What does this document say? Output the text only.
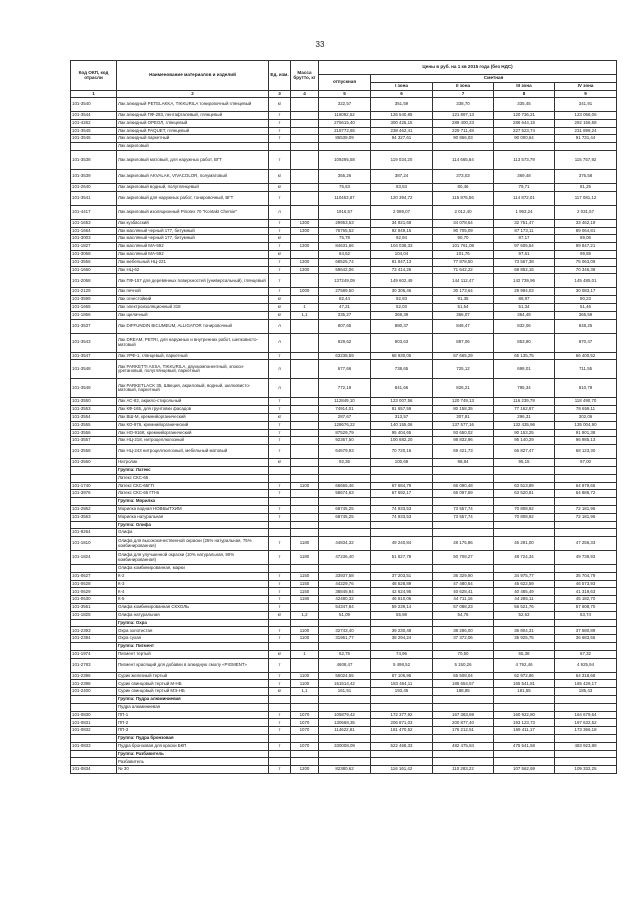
33
Код ОКП, код отрасли	Наименование материалов и изделий	Ед. изм.	Масса брутто, кг	Цены в руб. на 1 кв 2015 года (без НДС)				
				отпускная	Сметная			
					I зона	II зона	III зона	IV зона
1	2	3	4	5	6	7	8	9
101-3540	Лак алкидный PETELAKKA, TIKKURILA тонировочный глянцевый	кг		322,57	351,59	338,70	335,45	341,91
101-3544	Лак алкидный ПФ-283, пентафталевый, глянцевый	т		116092,52	126 540,85	121 897,13	120 736,21	123 058,06
101-4262	Лак алкидный ОРЕОЛ, глянцевый	т		275615,40	300 425,15	289 400,23	286 644,15	292 156,58
101-3545	Лак алкидный PAQUET, глянцевый	т		218772,65	238 462,41	229 711,48	227 523,74	231 899,24
101-3546	Лак алкидный паркетный	т		86539,09	94 327,61	90 866,03	90 000,64	91 731,44
	Лак акриловый							
101-3538	Лак акриловый матовый, для наружных работ, ВГТ	т		109295,58	119 034,20	114 665,84	113 573,79	115 757,92
101-3539	Лак акриловый AKVALAK, VIVACOLOR, полуматовый	кг		355,26	387,24	373,03	369,48	376,58
101-2640	Лак акриловый водный, полуглянцевый	кг		76,63	83,53	80,46	79,71	81,25
101-3541	Лак акриловый для наружных работ, тонировочный, ВГТ	т		110453,87	120 394,72	115 976,56	114 872,01	117 081,12
101-4417	Лак акриловый изоляционный Pinotex 70 "Kontakt Chemie"	л		1916,57	2 089,07	2 012,40	1 993,24	2 031,57
101-1653	Лак кузбасский	т	1300	29953,53	34 921,68	34 078,64	32 751,47	33 462,19
101-1664	Лак масляный черный 177, битумный	т	1300	76765,52	92 949,15	90 705,09	87 173,11	89 064,81
101-3003	Лак масляный черный 177, битумный	кг		75,78	92,94	90,70	87,17	89,06
101-1827	Лак масляный МА-592	т	1300	84631,66	104 038,33	101 761,08	97 605,54	99 847,21
101-3068	Лак масляный МА-592	кг		84,62	104,04	101,76	97,61	99,85
101-3556	Лак мебельный НЦ-221	т	1300	68525,74	81 847,13	77 878,50	73 567,38	75 063,09
101-1660	Лак НЦ-62	т	1300	59642,06	73 414,26	71 642,22	68 852,15	70 346,38
101-2068	Лак ПФ-157 для деревянных поверхностей (универсальный), глянцевый	т		137249,09	149 602,49	144 112,47	142 739,96	145 485,01
101-2129	Лак печной	т	1000	27589,50	30 306,46	30 173,64	29 994,03	30 083,17
101-3599	Лак огнестойкий	кг		82,44	92,93	91,35	88,97	90,23
101-1665	Лак электроизоляционный 318	кг	1	47,21	52,03	51,54	51,34	51,46
101-1856	Лак щелачный	кг	1,1	335,27	369,39	366,07	364,49	365,59
101-3537	Лак DIFFUNDIN BICUMEUM, ALLIGATOR тонировочный	л		807,65	880,37	848,47	832,06	848,25
101-3543	Лак DREAM, PETRI, для наружных и внутренних работ, шелковисто-матовый	л		829,62	903,63	887,06	853,90	870,47
101-3547	Лак УРФ-1, глянцевый, паркетный	т		63238,59	68 930,05	67 665,29	65 135,75	66 400,52
101-3548	Лак PARKETTI ASSA, TIKKURILA, двухкомпонентный, эпокси-уретановый, полуглянцевый, паркетный	л		677,66	738,65	725,12	698,01	711,55
101-3549	Лак PARKETLACK 35, Швеция, акриловый, водный, шелковисто-матовый, паркетный	л		772,19	841,66	826,21	795,34	810,78
101-3550	Лак АС-82, акрило-стирольный	т		112849,10	123 007,56	120 749,13	116 239,79	118 490,70
101-3553	Лак КФ-165, для грунтовки фасадов	т		74914,01	81 657,59	80 158,35	77 162,87	78 659,11
101-3554	Лак ВШ-М, кремнийорганический	кг		287,67	313,57	307,81	296,31	302,06
101-3555	Лак КО-976, кремнийорганический	т		128676,22	140 155,06	137 577,16	132 435,96	135 004,90
101-3556	Лак НО-916К, кремнийорганический	т		87529,79	95 404,65	93 650,02	90 153,25	91 901,38
101-3557	Лак НЦ-218, нитроцеллюлозный	т		92367,50	100 682,20	98 832,96	95 140,29	96 985,13
101-3558	Лак НЦ-243 нитроцеллюлозный, мебельный матовый	т		64679,93	70 720,16	69 421,73	66 827,47	68 123,30
101-3560	Нитролак	кг		92,36	100,69	98,84	95,15	97,00
	Группа: Латекс							
	Латекс СКС-65							
101-1740	Латекс СКС-65ГП	т	1100	66665,46	67 684,79	66 090,48	63 513,89	64 879,65
101-3976	Латекс СКС-65 ГП-Б	т		58674,63	67 692,17	66 097,69	63 520,81	64 886,72
	Группа: Морилка							
101-2862	Морилка водная НОВБЫТХИМ	т		68745,25	74 933,53	73 557,74	70 808,92	72 181,96
101-3563	Морилка натуральная	т		68745,25	74 933,53	73 557,74	70 808,92	72 181,96
	Группа: Олифа							
101-8264	Олифа							
101-1810	Олифа для высококачественной окраски (25% натуральная, 75% комбинированная)	т	1180	44834,32	49 240,84	48 175,86	46 291,00	47 256,33
101-1824	Олифа для улучшенной окраски (10% натуральная, 90% комбинированная)	т	1180	47236,40	51 827,78	50 708,27	48 724,34	49 739,93
	Олифа комбинированная, марки							
101-0627	К-2	т	1150	33937,58	37 203,51	36 329,90	34 975,77	35 704,79
101-0628	К-3	т	1150	44229,76	48 528,89	47 480,64	45 622,59	46 573,93
101-0629	К-4	т	1150	38848,84	42 624,95	40 628,41	40 485,49	41 319,63
101-0630	К-5	т	1180	42480,32	46 610,06	44 711,16	44 285,11	45 182,70
101-3561	Олифа комбинированная СКХОЛЬ	т		54347,84	59 239,14	57 088,23	56 521,76	57 608,70
101-1825	Олифа натуральная	кг	1,2	51,09	55,98	54,76	52,63	53,74
	Группа: Охра							
101-2393	Охра золотистая	т	1100	32743,40	39 230,48	38 286,00	36 804,31	37 580,89
101-2394	Охра сухая	т	1100	31961,77	38 294,24	37 372,06	35 925,75	36 683,55
	Группа: Пигмент							
101-1974	Пигмент тертый	кг	1	62,75	74,96	70,50	65,38	67,32
101-2783	Пигмент красящий для добавки в алкидную смолу «PIGMENT»	т		4608,47	5 498,52	5 150,26	4 792,46	4 925,94
101-2396	Сурик железный тертый	т	1100	56024,55	67 106,95	65 508,04	62 972,86	64 318,68
101-2398	Сурик свинцовый тертый М-НБ	т	1100	151514,42	183 464,11	185 654,57	165 541,81	165 429,17
101-2400	Сурик свинцовый тертый МЭ-НБ	кг	1,1	161,51	193,45	188,85	181,55	185,43
	Группа: Пудра алюминиевая							
	Пудра алюминиевая							
101-0830	ПП-1	т	1070	105879,42	172 377,92	167 383,69	160 922,80	164 679,64
101-0831	ПП-2	т	1070	130668,35	206 871,03	200 877,40	193 123,73	197 632,52
101-0832	ПП-3	т	1070	114622,81	181 470,52	176 212,51	169 411,17	173 366,18
	Группа: Пудра бронзовая							
101-0833	Пудра бронзовая для краски БКП	т	1070	330008,09	522 468,33	482 475,84	475 541,58	483 923,88
	Группа: Разбавитель							
	Разбавитель							
101-0834	№ 30	т	1200	82380,62	116 161,42	110 283,22	107 562,69	109 332,25
